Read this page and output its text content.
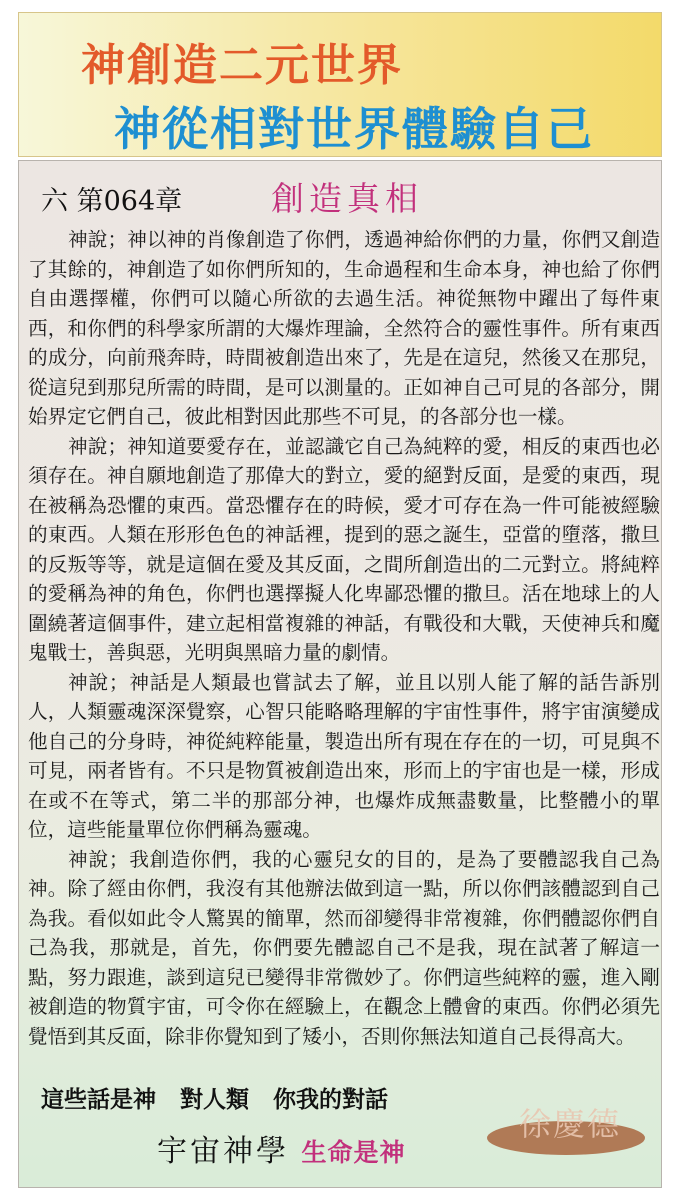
神創造二元世界
神從相對世界體驗自己
六 第064章	創造真相

神說；神以神的肖像創造了你們，透過神給你們的力量，你們又創造了其餘的，神創造了如你們所知的，生命過程和生命本身，神也給了你們自由選擇權，你們可以隨心所欲的去過生活。神從無物中躍出了每件東西，和你們的科學家所謂的大爆炸理論，全然符合的靈性事件。所有東西的成分，向前飛奔時，時間被創造出來了，先是在這兒，然後又在那兒，從這兒到那兒所需的時間，是可以測量的。正如神自己可見的各部分，開始界定它們自己，彼此相對因此那些不可見，的各部分也一樣。

神說；神知道要愛存在，並認識它自己為純粹的愛，相反的東西也必須存在。神自願地創造了那偉大的對立，愛的絕對反面，是愛的東西，現在被稱為恐懼的東西。當恐懼存在的時候，愛才可存在為一件可能被經驗的東西。人類在形形色色的神話裡，提到的惡之誕生，亞當的墮落，撒旦的反叛等等，就是這個在愛及其反面，之間所創造出的二元對立。將純粹的愛稱為神的角色，你們也選擇擬人化卑鄙恐懼的撒旦。活在地球上的人圍繞著這個事件，建立起相當複雜的神話，有戰役和大戰，天使神兵和魔鬼戰士，善與惡，光明與黑暗力量的劇情。

神說；神話是人類最也嘗試去了解，並且以別人能了解的話告訴別人，人類靈魂深深覺察，心智只能略略理解的宇宙性事件，將宇宙演變成他自己的分身時，神從純粹能量，製造出所有現在存在的一切，可見與不可見，兩者皆有。不只是物質被創造出來，形而上的宇宙也是一樣，形成在或不在等式，第二半的那部分神，也爆炸成無盡數量，比整體小的單位，這些能量單位你們稱為靈魂。

神說；我創造你們，我的心靈兒女的目的，是為了要體認我自己為神。除了經由你們，我沒有其他辦法做到這一點，所以你們該體認到自己為我。看似如此令人驚異的簡單，然而卻變得非常複雜，你們體認你們自己為我，那就是，首先，你們要先體認自己不是我，現在試著了解這一點，努力跟進，談到這兒已變得非常微妙了。你們這些純粹的靈，進入剛被創造的物質宇宙，可令你在經驗上，在觀念上體會的東西。你們必須先覺悟到其反面，除非你覺知到了矮小，否則你無法知道自己長得高大。

這些話是神   對人類   你我的對話
宇宙神學 生命是神
徐慶德
